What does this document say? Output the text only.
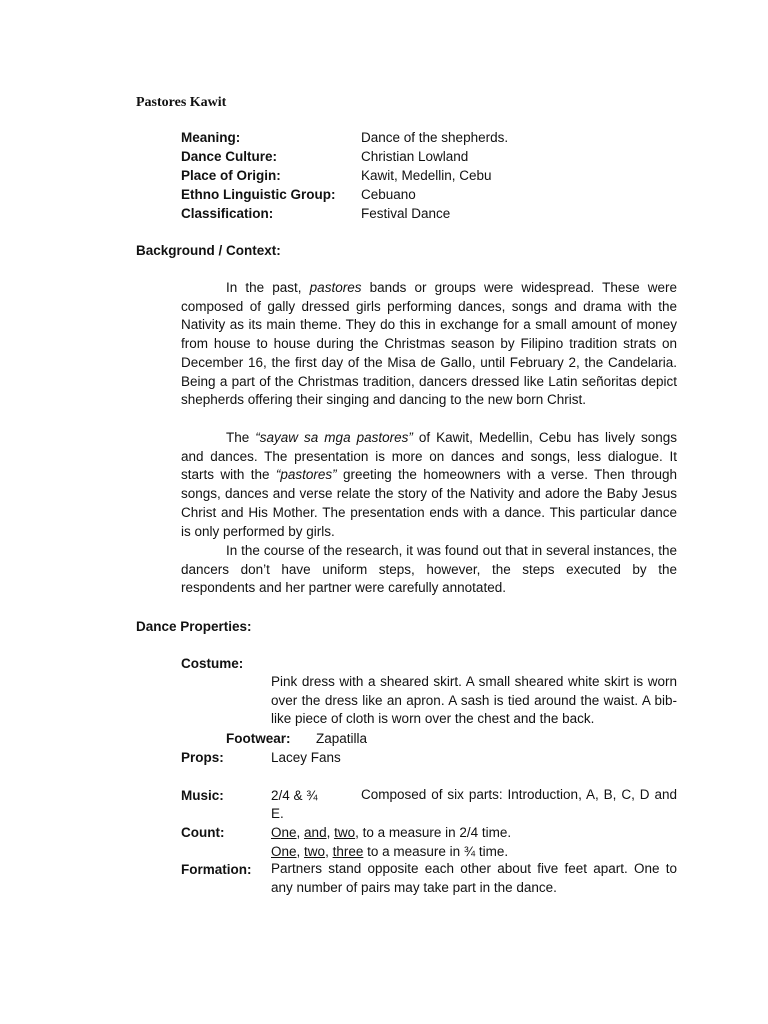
Pastores Kawit
Meaning:	Dance of the shepherds.
Dance Culture:	Christian Lowland
Place of Origin:	Kawit, Medellin, Cebu
Ethno Linguistic Group: Cebuano
Classification:	Festival Dance
Background / Context:

In the past, pastores bands or groups were widespread. These were composed of gally dressed girls performing dances, songs and drama with the Nativity as its main theme. They do this in exchange for a small amount of money from house to house during the Christmas season by Filipino tradition strats on December 16, the first day of the Misa de Gallo, until February 2, the Candelaria. Being a part of the Christmas tradition, dancers dressed like Latin señoritas depict shepherds offering their singing and dancing to the new born Christ.

The “sayaw sa mga pastores” of Kawit, Medellin, Cebu has lively songs and dances. The presentation is more on dances and songs, less dialogue. It starts with the “pastores” greeting the homeowners with a verse. Then through songs, dances and verse relate the story of the Nativity and adore the Baby Jesus Christ and His Mother. The presentation ends with a dance. This particular dance is only performed by girls.

In the course of the research, it was found out that in several instances, the dancers don’t have uniform steps, however, the steps executed by the respondents and her partner were carefully annotated.

Dance Properties:
Costume:

Pink dress with a sheared skirt. A small sheared white skirt is worn over the dress like an apron. A sash is tied around the waist. A bib-like piece of cloth is worn over the chest and the back.

Footwear: Zapatilla
Props:	Lacey Fans
Music:	2/4 & ¾	Composed of six parts: Introduction, A, B, C, D and E.

Count:	One, and, two, to a measure in 2/4 time.
One, two, three to a measure in ¾ time.
Formation: Partners stand opposite each other about five feet apart. One to any number of pairs may take part in the dance.
